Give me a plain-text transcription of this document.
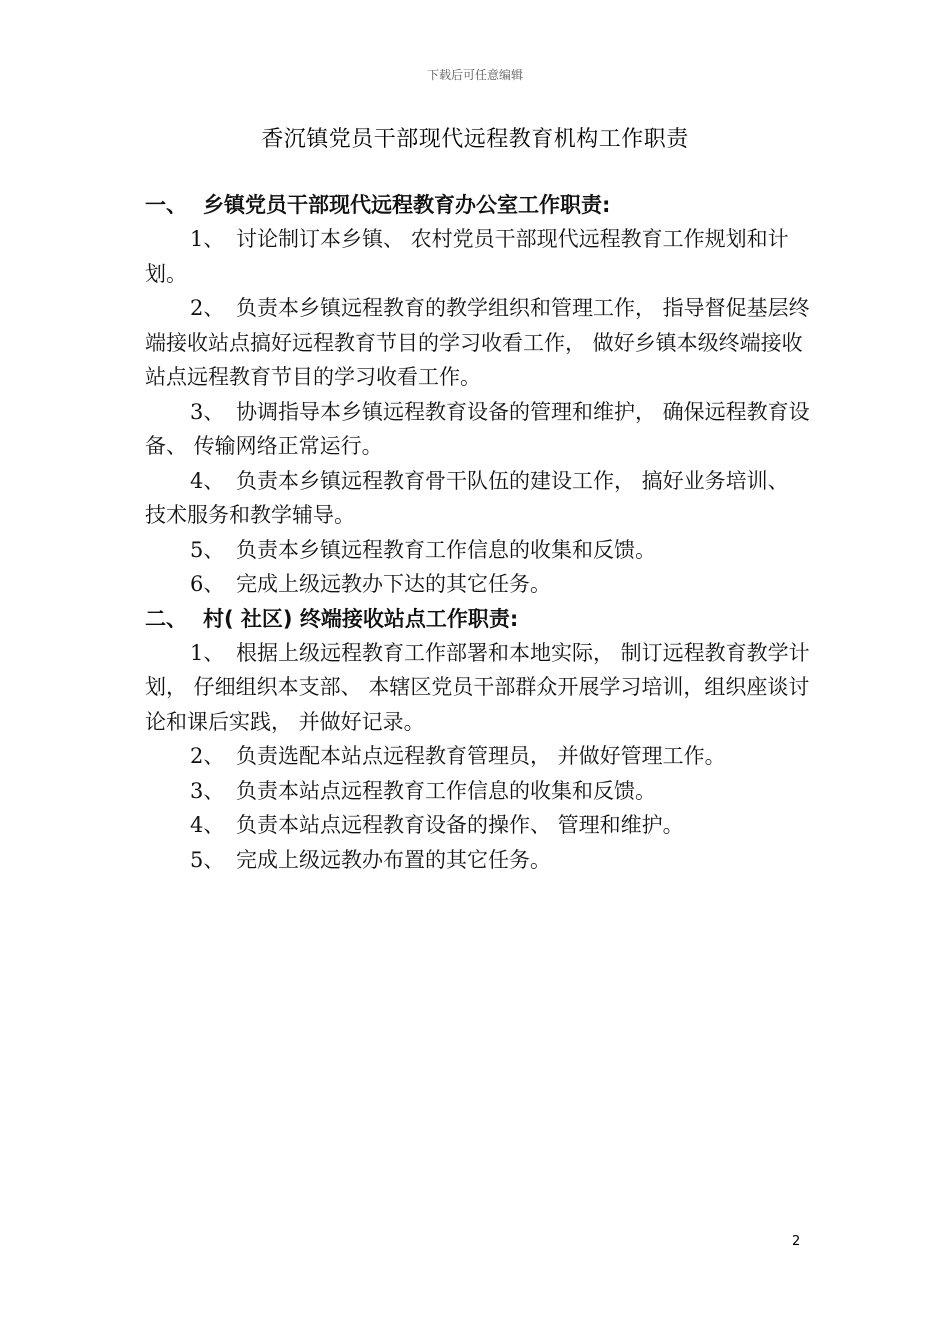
下载后可任意编辑
香沉镇党员干部现代远程教育机构工作职责

一、 乡镇党员干部现代远程教育办公室工作职责:

1、 讨论制订本乡镇、 农村党员干部现代远程教育工作规划和计划。

2、 负责本乡镇远程教育的教学组织和管理工作， 指导督促基层终端接收站点搞好远程教育节目的学习收看工作， 做好乡镇本级终端接收站点远程教育节目的学习收看工作。

3、 协调指导本乡镇远程教育设备的管理和维护， 确保远程教育设备、 传输网络正常运行。

4、 负责本乡镇远程教育骨干队伍的建设工作， 搞好业务培训、 技术服务和教学辅导。

5、 负责本乡镇远程教育工作信息的收集和反馈。

6、 完成上级远教办下达的其它任务。

二、 村( 社区) 终端接收站点工作职责:

1、 根据上级远程教育工作部署和本地实际， 制订远程教育教学计划， 仔细组织本支部、 本辖区党员干部群众开展学习培训，组织座谈讨论和课后实践， 并做好记录。

2、 负责选配本站点远程教育管理员， 并做好管理工作。

3、 负责本站点远程教育工作信息的收集和反馈。

4、 负责本站点远程教育设备的操作、 管理和维护。

5、 完成上级远教办布置的其它任务。

2
